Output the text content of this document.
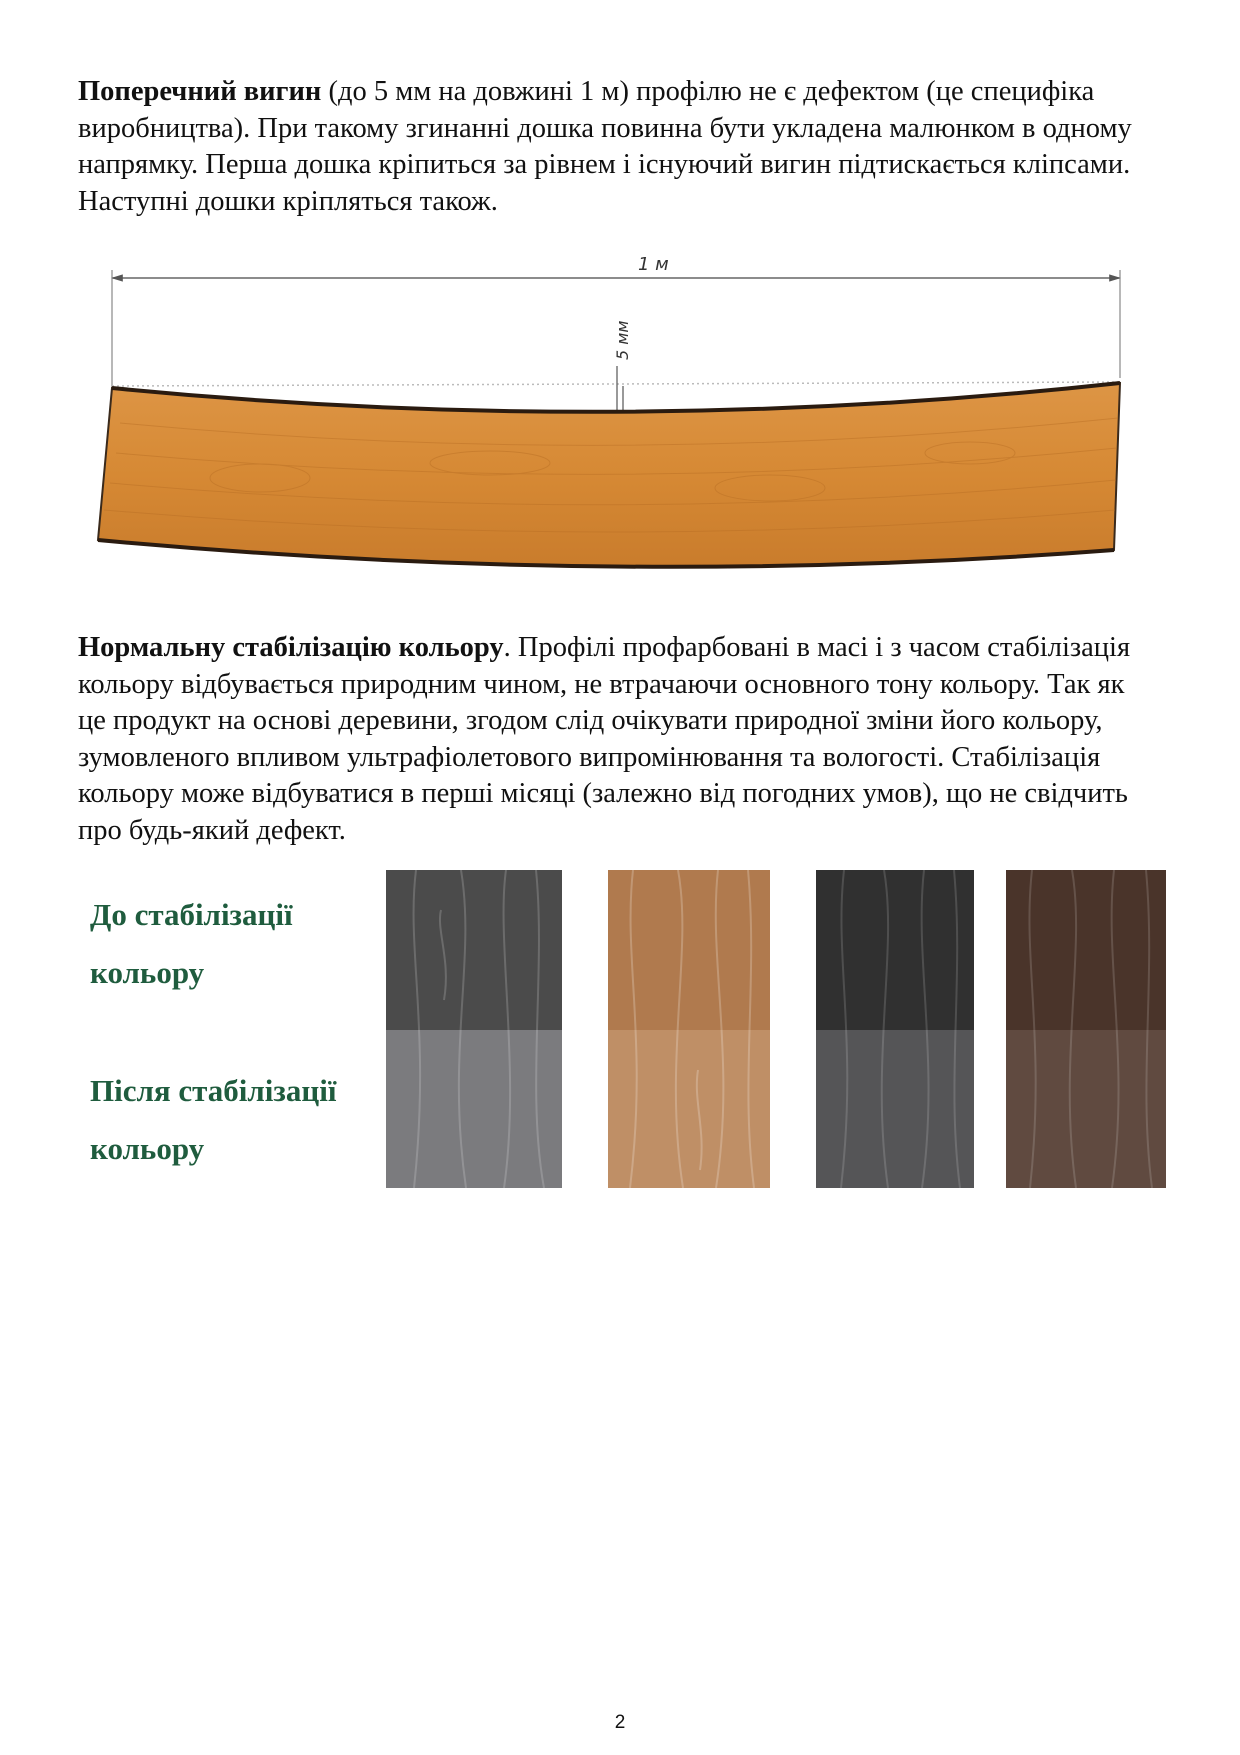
Поперечний вигин (до 5 мм на довжині 1 м) профілю не є дефектом (це специфіка виробництва). При такому згинанні дошка повинна бути укладена малюнком в одному напрямку. Перша дошка кріпиться за рівнем і існуючий вигин підтискається кліпсами. Наступні дошки кріпляться також.

1 м
5 мм

Нормальну стабілізацію кольору. Профілі профарбовані в масі і з часом стабілізація кольору відбувається природним чином, не втрачаючи основного тону кольору. Так як це продукт на основі деревини, згодом слід очікувати природної зміни його кольору, зумовленого впливом ультрафіолетового випромінювання та вологості. Стабілізація кольору може відбуватися в перші місяці (залежно від погодних умов), що не свідчить про будь-який дефект.

До стабілізації кольору

Після стабілізації кольору

2
